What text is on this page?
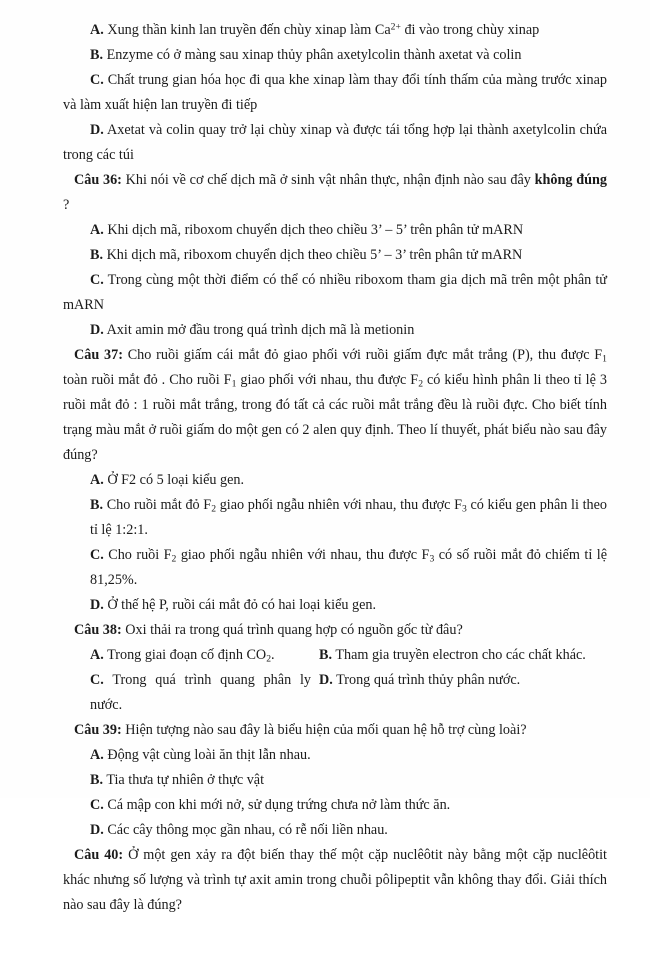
A. Xung thần kinh lan truyền đến chùy xinap làm $Ca^{2+}$ đi vào trong chùy xinap

B. Enzyme có ở màng sau xinap thủy phân axetylcolin thành axetat và colin

C. Chất trung gian hóa học đi qua khe xinap làm thay đổi tính thấm của màng trước xinap và làm xuất hiện lan truyền đi tiếp

D. Axetat và colin quay trở lại chùy xinap và được tái tổng hợp lại thành axetylcolin chứa trong các túi

Câu 36: Khi nói về cơ chế dịch mã ở sinh vật nhân thực, nhận định nào sau đây không đúng ?

A. Khi dịch mã, riboxom chuyển dịch theo chiều 3’ – 5’ trên phân tử mARN

B. Khi dịch mã, riboxom chuyển dịch theo chiều 5’ – 3’ trên phân tử mARN

C. Trong cùng một thời điểm có thể có nhiều riboxom tham gia dịch mã trên một phân tử mARN

D. Axit amin mở đầu trong quá trình dịch mã là metionin

Câu 37: Cho ruồi giấm cái mắt đỏ giao phối với ruồi giấm đực mắt trắng (P), thu được $F_1$ toàn ruồi mắt đỏ . Cho ruồi $F_1$ giao phối với nhau, thu được $F_2$ có kiểu hình phân li theo tỉ lệ 3 ruồi mắt đỏ : 1 ruồi mắt trắng, trong đó tất cả các ruồi mắt trắng đều là ruồi đực. Cho biết tính trạng màu mắt ở ruồi giấm do một gen có 2 alen quy định. Theo lí thuyết, phát biểu nào sau đây đúng?

A. Ở F2 có 5 loại kiểu gen.

B. Cho ruồi mắt đỏ $F_2$ giao phối ngẫu nhiên với nhau, thu được $F_3$ có kiểu gen phân li theo tỉ lệ 1:2:1.

C. Cho ruồi $F_2$ giao phối ngẫu nhiên với nhau, thu được $F_3$ có số ruồi mắt đỏ chiếm tỉ lệ 81,25%.

D. Ở thế hệ P, ruồi cái mắt đỏ có hai loại kiểu gen.

Câu 38: Oxi thải ra trong quá trình quang hợp có nguồn gốc từ đâu?

A. Trong giai đoạn cố định $CO_2$.	B. Tham gia truyền electron cho các chất khác.

C. Trong quá trình quang phân ly nước.
D. Trong quá trình thủy phân nước.

Câu 39: Hiện tượng nào sau đây là biểu hiện của mối quan hệ hỗ trợ cùng loài?

A. Động vật cùng loài ăn thịt lẫn nhau.

B. Tia thưa tự nhiên ở thực vật

C. Cá mập con khi mới nở, sử dụng trứng chưa nở làm thức ăn.

D. Các cây thông mọc gần nhau, có rễ nối liền nhau.

Câu 40: Ở một gen xảy ra đột biến thay thế một cặp nuclêôtit này bằng một cặp nuclêôtit khác nhưng số lượng và trình tự axit amin trong chuỗi pôlipeptit vẫn không thay đổi. Giải thích nào sau đây là đúng?
